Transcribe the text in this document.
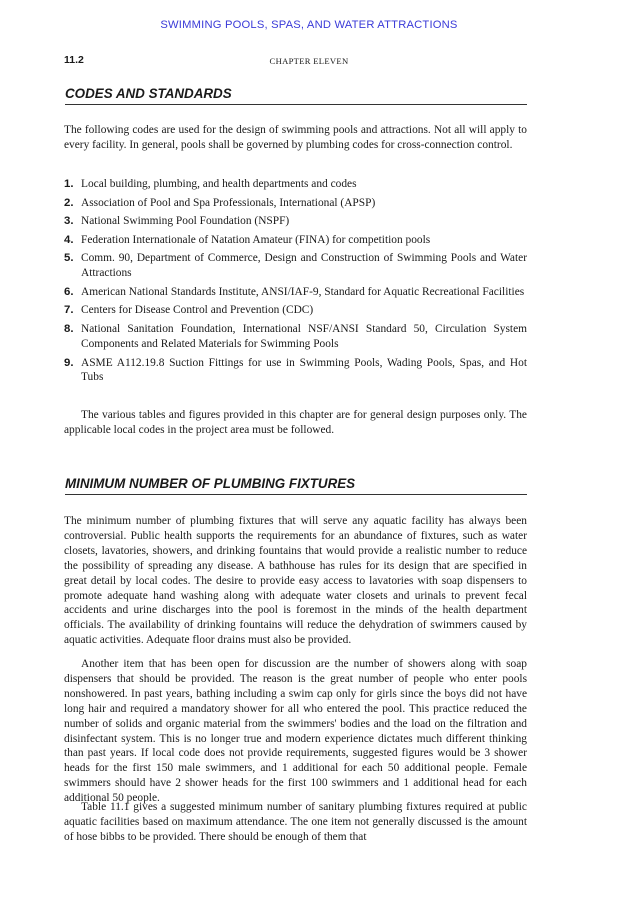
SWIMMING POOLS, SPAS, AND WATER ATTRACTIONS
11.2	CHAPTER ELEVEN
CODES AND STANDARDS

The following codes are used for the design of swimming pools and attractions. Not all will apply to every facility. In general, pools shall be governed by plumbing codes for cross-connection control.

1. Local building, plumbing, and health departments and codes
2. Association of Pool and Spa Professionals, International (APSP)
3. National Swimming Pool Foundation (NSPF)
4. Federation Internationale of Natation Amateur (FINA) for competition pools
5. Comm. 90, Department of Commerce, Design and Construction of Swimming Pools and Water Attractions
6. American National Standards Institute, ANSI/IAF-9, Standard for Aquatic Recreational Facilities
7. Centers for Disease Control and Prevention (CDC)
8. National Sanitation Foundation, International NSF/ANSI Standard 50, Circulation System Components and Related Materials for Swimming Pools
9. ASME A112.19.8 Suction Fittings for use in Swimming Pools, Wading Pools, Spas, and Hot Tubs

The various tables and figures provided in this chapter are for general design purposes only. The applicable local codes in the project area must be followed.

MINIMUM NUMBER OF PLUMBING FIXTURES

The minimum number of plumbing fixtures that will serve any aquatic facility has always been controversial. Public health supports the requirements for an abundance of fixtures, such as water closets, lavatories, showers, and drinking fountains that would provide a realistic number to reduce the possibility of spreading any disease. A bathhouse has rules for its design that are specified in great detail by local codes. The desire to provide easy access to lavatories with soap dispensers to promote adequate hand washing along with adequate water closets and urinals to prevent fecal accidents and urine discharges into the pool is foremost in the minds of the health department officials. The availability of drinking fountains will reduce the dehydration of swimmers caused by aquatic activities. Adequate floor drains must also be provided.

Another item that has been open for discussion are the number of showers along with soap dispensers that should be provided. The reason is the great number of people who enter pools nonshowered. In past years, bathing including a swim cap only for girls since the boys did not have long hair and required a mandatory shower for all who entered the pool. This practice reduced the number of solids and organic material from the swimmers' bodies and the load on the filtration and disinfectant system. This is no longer true and modern experience dictates much different thinking than past years. If local code does not provide requirements, suggested figures would be 3 shower heads for the first 150 male swimmers, and 1 additional for each 50 additional people. Female swimmers should have 2 shower heads for the first 100 swimmers and 1 additional head for each additional 50 people.

Table 11.1 gives a suggested minimum number of sanitary plumbing fixtures required at public aquatic facilities based on maximum attendance. The one item not generally discussed is the amount of hose bibbs to be provided. There should be enough of them that
